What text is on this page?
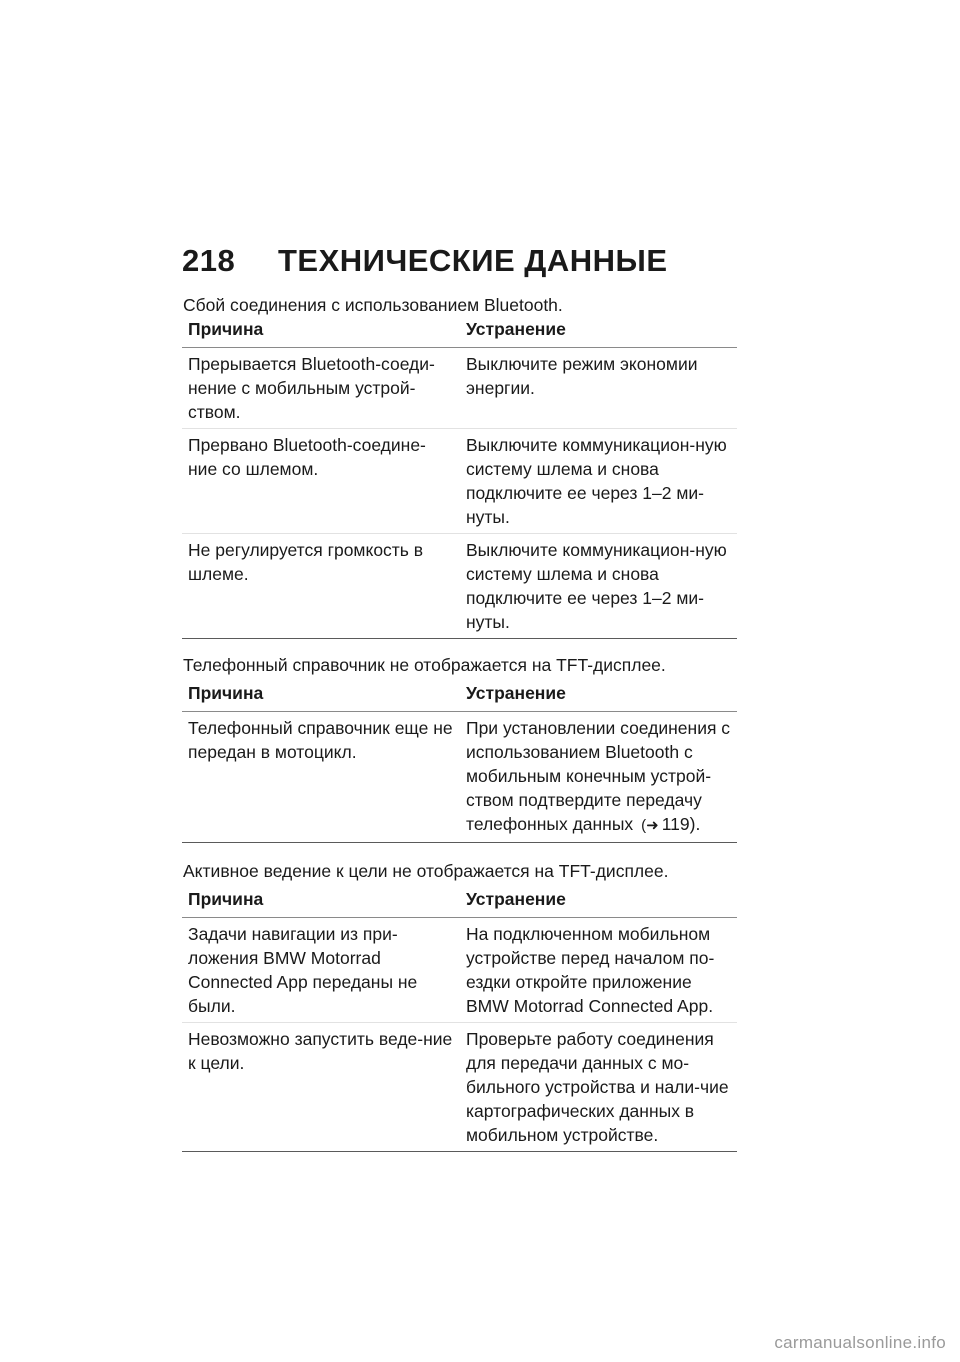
218	ТЕХНИЧЕСКИЕ ДАННЫЕ

Сбой соединения с использованием Bluetooth.

Причина	Устранение
Прерывается Bluetooth-соеди-нение с мобильным устрой-ством.	Выключите режим экономии энергии.
Прервано Bluetooth-соедине-ние со шлемом.	Выключите коммуникацион-ную систему шлема и снова подключите ее через 1–2 ми-нуты.
Не регулируется громкость в шлеме.	Выключите коммуникацион-ную систему шлема и снова подключите ее через 1–2 ми-нуты.

Телефонный справочник не отображается на TFT-дисплее.

Причина	Устранение
Телефонный справочник еще не передан в мотоцикл.	При установлении соединения с использованием Bluetooth с мобильным конечным устрой-ством подтвердите передачу телефонных данных (➜ 119).

Активное ведение к цели не отображается на TFT-дисплее.

Причина	Устранение
Задачи навигации из при-ложения BMW Motorrad Connected App переданы не были.	На подключенном мобильном устройстве перед началом по-ездки откройте приложение BMW Motorrad Connected App.
Невозможно запустить веде-ние к цели.	Проверьте работу соединения для передачи данных с мо-бильного устройства и нали-чие картографических данных в мобильном устройстве.
carmanualsonline.info
